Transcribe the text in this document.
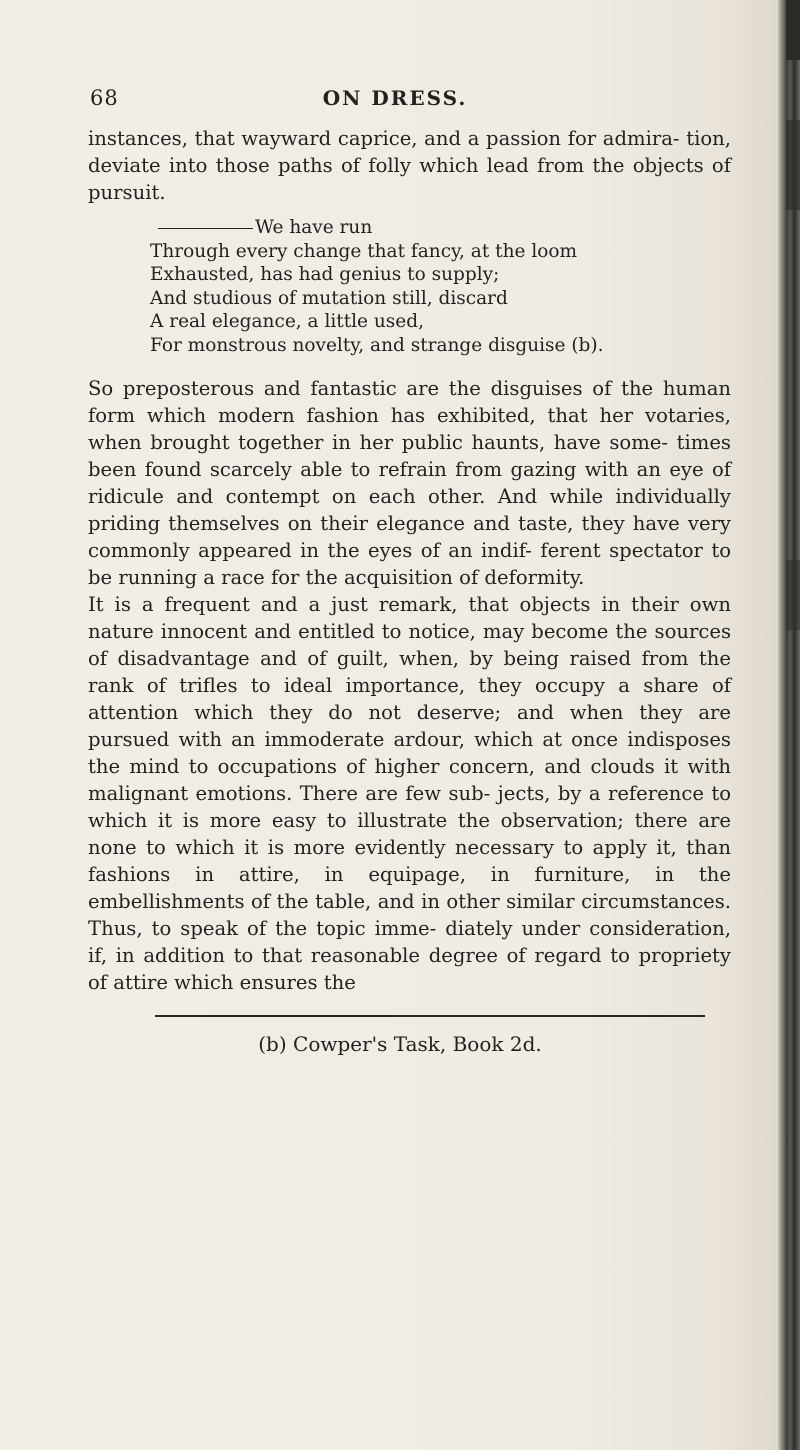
68	ON DRESS.

instances, that wayward caprice, and a passion for admira- tion, deviate into those paths of folly which lead from the objects of pursuit.

We have run
Through every change that fancy, at the loom
Exhausted, has had genius to supply;
And studious of mutation still, discard
A real elegance, a little used,
For monstrous novelty, and strange disguise (b).

So preposterous and fantastic are the disguises of the human form which modern fashion has exhibited, that her votaries, when brought together in her public haunts, have some- times been found scarcely able to refrain from gazing with an eye of ridicule and contempt on each other. And while individually priding themselves on their elegance and taste, they have very commonly appeared in the eyes of an indif- ferent spectator to be running a race for the acquisition of deformity.

It is a frequent and a just remark, that objects in their own nature innocent and entitled to notice, may become the sources of disadvantage and of guilt, when, by being raised from the rank of trifles to ideal importance, they occupy a share of attention which they do not deserve; and when they are pursued with an immoderate ardour, which at once indisposes the mind to occupations of higher concern, and clouds it with malignant emotions. There are few sub- jects, by a reference to which it is more easy to illustrate the observation; there are none to which it is more evidently necessary to apply it, than fashions in attire, in equipage, in furniture, in the embellishments of the table, and in other similar circumstances. Thus, to speak of the topic imme- diately under consideration, if, in addition to that reasonable degree of regard to propriety of attire which ensures the

(b) Cowper's Task, Book 2d.
